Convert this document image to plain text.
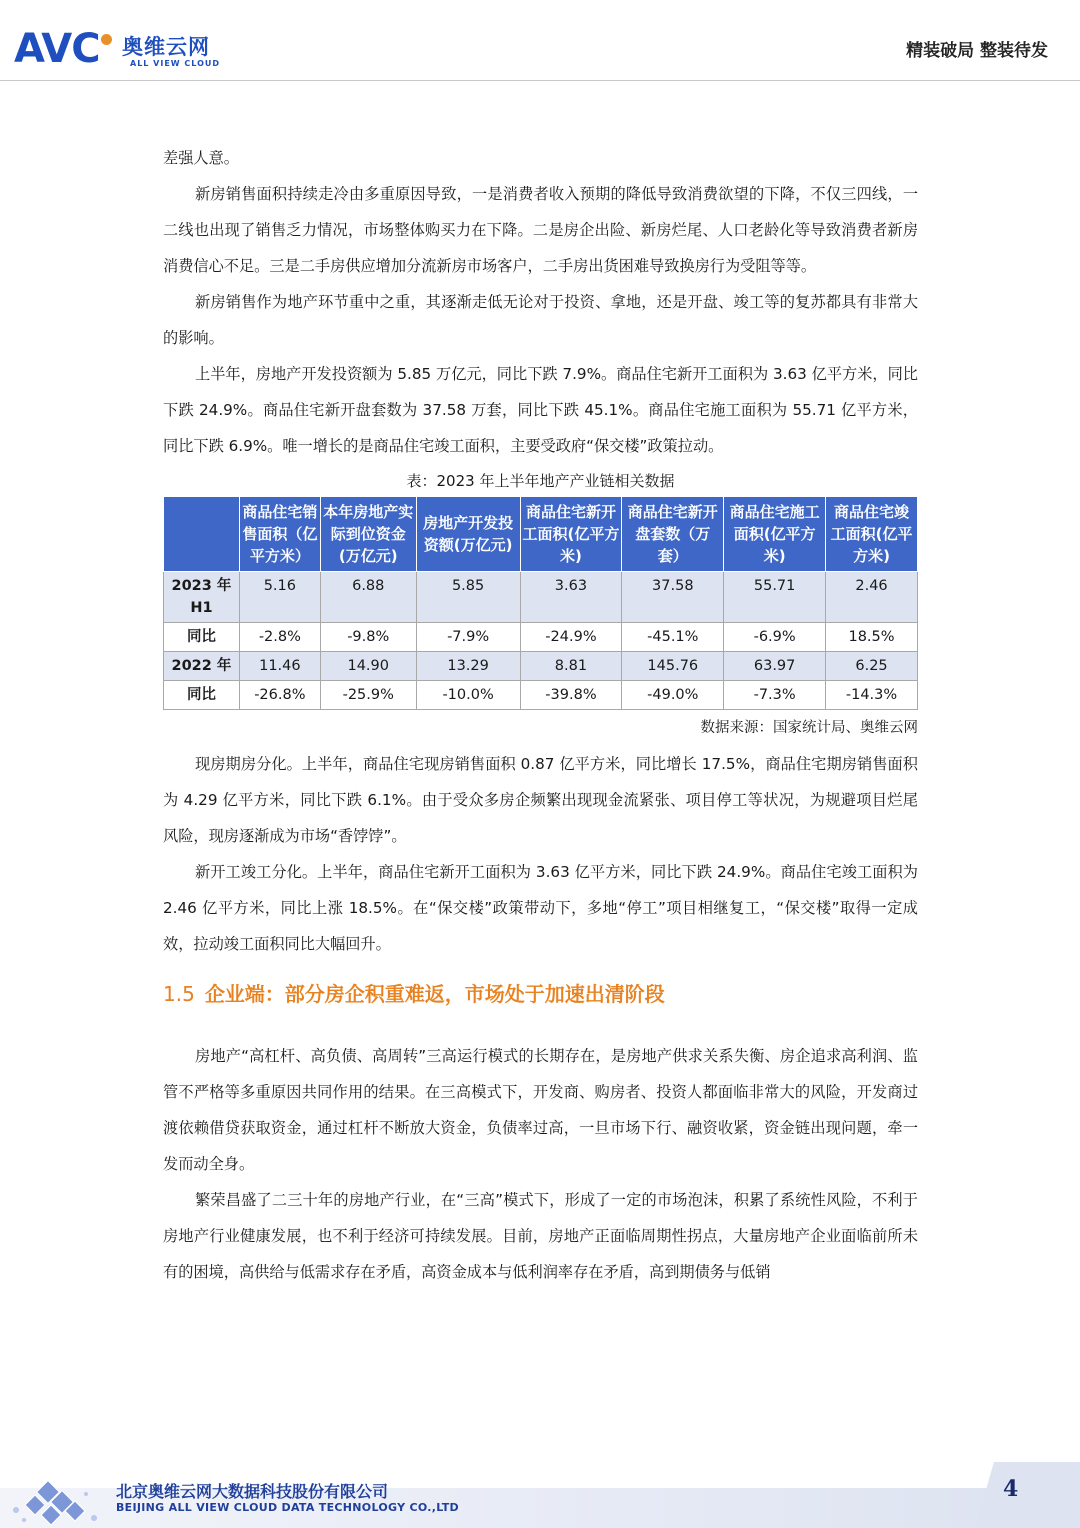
AVC 奥维云网
ALL VIEW CLOUD
精装破局 整装待发

差强人意。

新房销售面积持续走冷由多重原因导致，一是消费者收入预期的降低导致消费欲望的下降，不仅三四线，一二线也出现了销售乏力情况，市场整体购买力在下降。二是房企出险、新房烂尾、人口老龄化等导致消费者新房消费信心不足。三是二手房供应增加分流新房市场客户，二手房出货困难导致换房行为受阻等等。

新房销售作为地产环节重中之重，其逐渐走低无论对于投资、拿地，还是开盘、竣工等的复苏都具有非常大的影响。

上半年，房地产开发投资额为 5.85 万亿元，同比下跌 7.9%。商品住宅新开工面积为 3.63 亿平方米，同比下跌 24.9%。商品住宅新开盘套数为 37.58 万套，同比下跌 45.1%。商品住宅施工面积为 55.71 亿平方米，同比下跌 6.9%。唯一增长的是商品住宅竣工面积，主要受政府“保交楼”政策拉动。

表：2023 年上半年地产产业链相关数据
	商品住宅销售面积（亿平方米）	本年房地产实际到位资金(万亿元)	房地产开发投资额(万亿元)	商品住宅新开工面积(亿平方米)	商品住宅新开盘套数（万套）	商品住宅施工面积(亿平方米)	商品住宅竣工面积(亿平方米)
2023 年 H1	5.16	6.88	5.85	3.63	37.58	55.71	2.46
同比	-2.8%	-9.8%	-7.9%	-24.9%	-45.1%	-6.9%	18.5%
2022 年	11.46	14.90	13.29	8.81	145.76	63.97	6.25
同比	-26.8%	-25.9%	-10.0%	-39.8%	-49.0%	-7.3%	-14.3%
数据来源：国家统计局、奥维云网

现房期房分化。上半年，商品住宅现房销售面积 0.87 亿平方米，同比增长 17.5%，商品住宅期房销售面积为 4.29 亿平方米，同比下跌 6.1%。由于受众多房企频繁出现现金流紧张、项目停工等状况，为规避项目烂尾风险，现房逐渐成为市场“香饽饽”。

新开工竣工分化。上半年，商品住宅新开工面积为 3.63 亿平方米，同比下跌 24.9%。商品住宅竣工面积为 2.46 亿平方米，同比上涨 18.5%。在“保交楼”政策带动下，多地“停工”项目相继复工，“保交楼”取得一定成效，拉动竣工面积同比大幅回升。

1.5 企业端：部分房企积重难返，市场处于加速出清阶段

房地产“高杠杆、高负债、高周转”三高运行模式的长期存在，是房地产供求关系失衡、房企追求高利润、监管不严格等多重原因共同作用的结果。在三高模式下，开发商、购房者、投资人都面临非常大的风险，开发商过渡依赖借贷获取资金，通过杠杆不断放大资金，负债率过高，一旦市场下行、融资收紧，资金链出现问题，牵一发而动全身。

繁荣昌盛了二三十年的房地产行业，在“三高”模式下，形成了一定的市场泡沫，积累了系统性风险，不利于房地产行业健康发展，也不利于经济可持续发展。目前，房地产正面临周期性拐点，大量房地产企业面临前所未有的困境，高供给与低需求存在矛盾，高资金成本与低利润率存在矛盾，高到期债务与低销

北京奥维云网大数据科技股份有限公司
BEIJING ALL VIEW CLOUD DATA TECHNOLOGY CO.,LTD
4
